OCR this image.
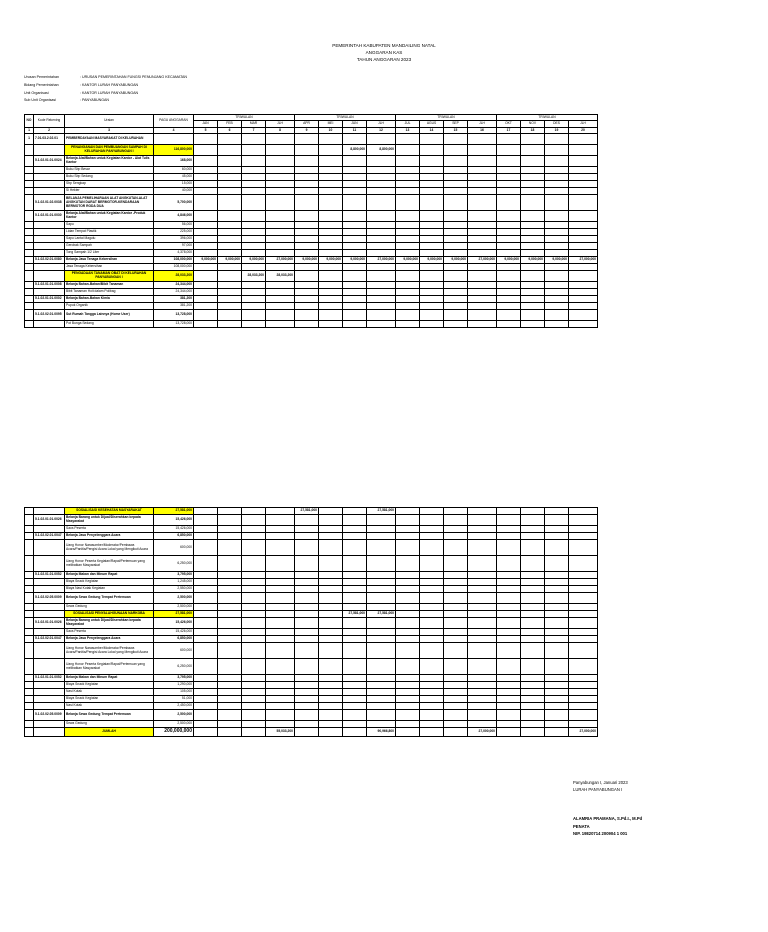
PEMERINTAH KABUPATEN MANDAILING NATAL
ANGGARAN KAS
TAHUN ANGGARAN 2023
Urusan Pemerintahan	: URUSAN PEMERINTAHAN FUNGSI PENUNJANG KECAMATAN
Bidang Pemerintahan	: KANTOR LURAH PANYABUNGAN
Unit Organisasi	: KANTOR LURAH PANYABUNGAN
Sub Unit Organisasi	: PANYABUNGAN
NO	Kode Rekening	Uraian	PAGU ANGGARAN	TRIWULAN				TRIWULAN				TRIWULAN				TRIWULAN			
				JAN	FEB	MAR	JLH	APR	MEI	JUN	JLH	JUL	AGUS	SEP	JLH	OKT	NOV	DES	JLH
1	2	3	4	5	6	7	8	9	10	11	12	13	14	15	16	17	18	19	20
1	7.01.03.2.02.01	PEMBERDAYAAN MASYARAKAT DI KELURAHAN																	
		PENANGANAN DAN PEMBUANGAN SAMPAH DI KELURAHAN PANYABUNGAN I	116,800,000							8,800,000	8,800,000								
	5.1.02.01.01.0024	Belanja Alat/Bahan untuk Kegiatan Kantor - Alat Tulis Kantor	168,000																
		Buku Sbp Besar	60,000																
		Buku Sbp Sedang	45,000																
		Sbp Sengkap	15,000																
		Si Hekter	40,000																
	5.1.02.01.02.0038	BELANJA PEMELIHARAAN ALAT ANGKUTAN-ALAT ANGKUTAN DARAT BERMOTOR-KENDARAAN BERMOTOR RODA DUA	5,700,000																
	5.1.02.01.01.0030	Belanja Alat/Bahan untuk Kegiatan Kantor -Produk Kantor	4,846,000																
		Sapu	56,000																
		Lidan Tempat Plastik	225,000																
		Sapu Lantai Magulu	396,000																
		Gerobak Sampah	97,000																
		Tong Sampah 1/2 Liter	4,378,000																
	5.1.02.02.01.0080	Belanja Jasa Tenaga Kebersihan	108,000,000	9,000,000	9,000,000	9,000,000	27,000,000	9,000,000	9,000,000	9,000,000	27,000,000	9,000,000	9,000,000	9,000,000	27,000,000	9,000,000	9,000,000	9,000,000	27,000,000
		Jasa Tenaga Kebersihan	108,000,000																
		PENGADAAN TANAMAN OBAT DI KELURAHAN PANYABUNGAN I	28,033,200			28,033,200	28,033,200												
	5.1.02.01.01.0008	Belanja Bahan-Bahan/Bibit Tanaman	24,344,000																
		Bibit Tanaman Hoit dalam Polibag	24,344,000																
	5.1.02.01.01.0002	Belanja Bahan-Bahan Kimia	381,200																
		Pupuk Organik	381,200																
	5.1.02.02.01.0095	Sut Rumah Tangga Lainnya (Home User)	13,728,000																
		Pot Bunga Sedang	13,728,000																
		SOSIALISASI KESEHATAN MASYARAKAT	27,581,000					27,581,000			27,581,000								
	5.1.02.01.01.0026	Belanja Barang untuk Dijual/Diserahkan kepada Masyarakat	15,426,000																
		Saos Peserta	15,426,000																
	5.1.02.02.01.0047	Belanja Jasa Penyelenggara Acara	6,850,000																
		Uang Honor Narasumber/Moderator/Pembawa Acara/Panitia/Pengisi Acara Lokal yang Mengikuti Acara	600,000																
		Uang Honor Peserta Kegiatan/Rapat/Pertemuan yang melibatkan Masyarakat	6,250,000																
	5.1.02.01.01.0052	Belanja Makan dan Minum Rapat	3,795,000																
		Biaya Snack Kegiatan	1,245,000																
		Biaya Nasi Kotak Kegiatan	2,550,000																
	5.1.02.02.05.0009	Belanja Sewa Gedung Tempat Pertemuan	2,500,000																
		Sewa Gedung	2,500,000																
		SOSIALISASI PENYALAHGUNAAN NARKOBA	27,581,000							27,581,000	27,581,000								
	5.1.02.01.01.0026	Belanja Barang untuk Dijual/Diserahkan kepada Masyarakat	15,426,000																
		Saos Peserta	15,426,000																
	5.1.02.02.01.0047	Belanja Jasa Penyelenggara Acara	6,850,000																
		Uang Honor Narasumber/Moderator/Pembawa Acara/Panitia/Pengisi Acara Lokal yang Mengikuti Acara	600,000																
		Uang Honor Peserta Kegiatan/Rapat/Pertemuan yang melibatkan Masyarakat	6,250,000																
	5.1.02.01.01.0052	Belanja Makan dan Minum Rapat	3,795,000																
		Biaya Snack Kegiatan	1,290,000																
		Nasi Kotak	105,000																
		Biaya Snack Kegiatan	51,000																
		Nasi Kotak	2,450,000																
	5.1.02.02.05.0009	Belanja Sewa Gedung Tempat Pertemuan	2,500,000																
		Sewa Gedung	2,500,000																
		JUMLAH	200,000,000				55,033,200				90,966,800				27,000,000				27,000,000
Panyabungan I, Januari 2023
LURAH PANYABUNGAN I
ALAMRIA PRAMANA, S.Pd.I., M.Pd
PENATA
NIP. 19820714 200904 1 001
